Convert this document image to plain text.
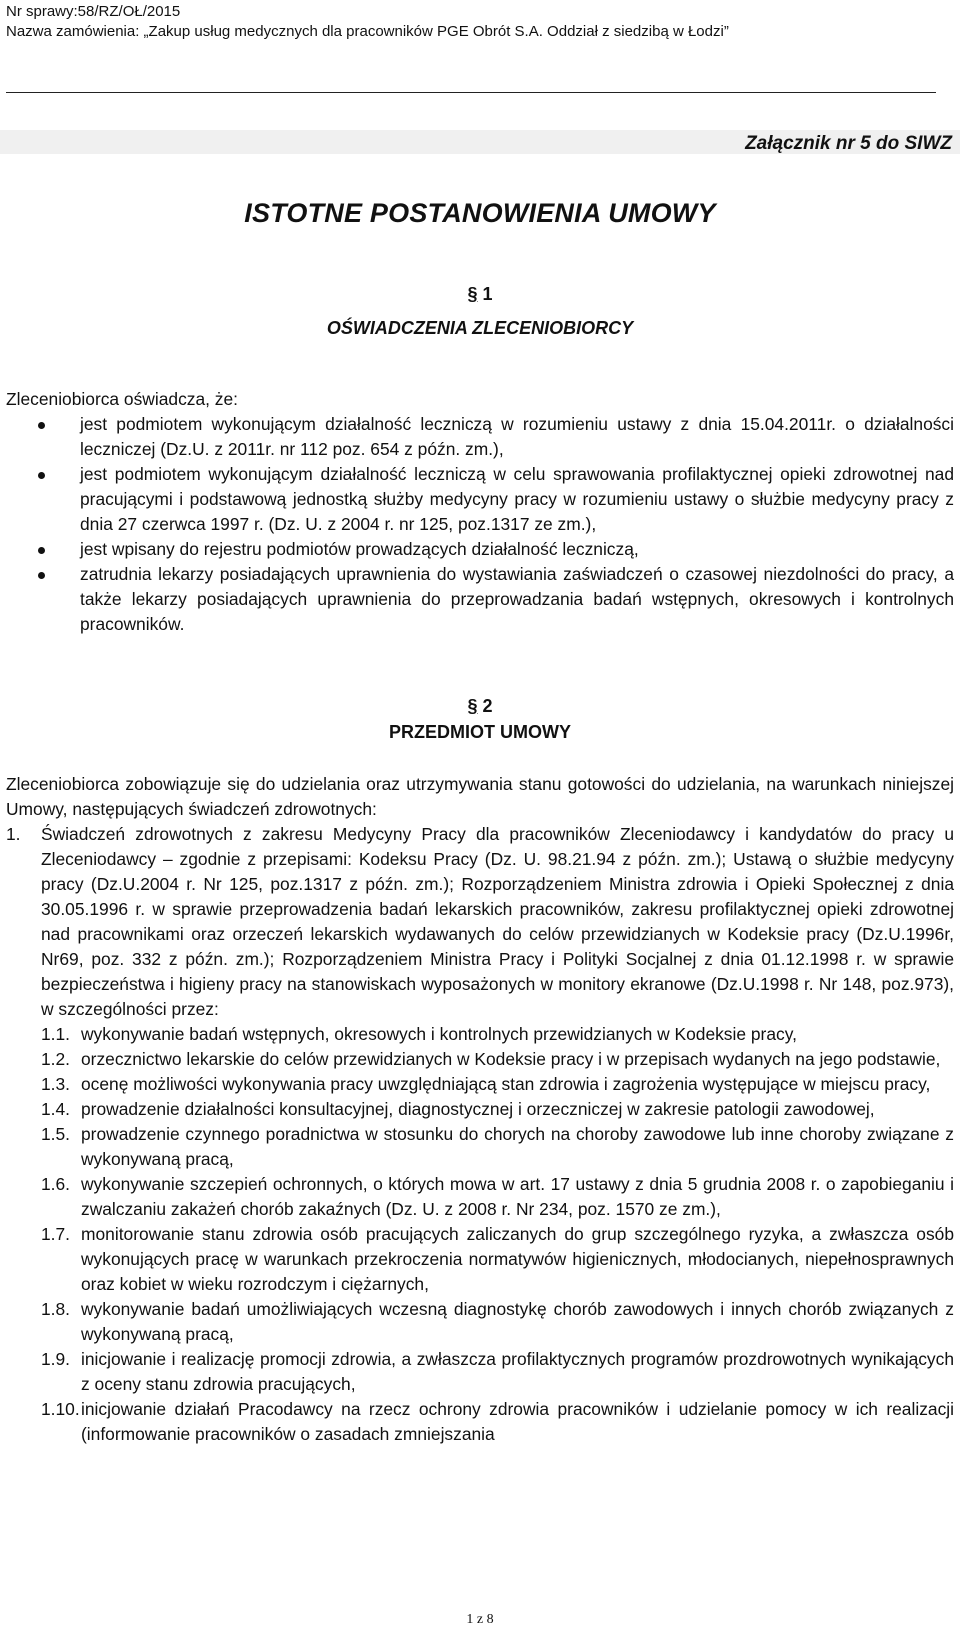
Nr sprawy:58/RZ/OŁ/2015
Nazwa zamówienia: „Zakup usług medycznych dla pracowników PGE Obrót S.A. Oddział z siedzibą w Łodzi”
Załącznik nr 5 do SIWZ
ISTOTNE POSTANOWIENIA UMOWY
§ 1
OŚWIADCZENIA ZLECENIOBIORCY
Zleceniobiorca oświadcza, że:
jest podmiotem wykonującym działalność leczniczą w rozumieniu ustawy z dnia 15.04.2011r. o działalności leczniczej (Dz.U. z 2011r. nr 112 poz. 654 z późn. zm.),
jest podmiotem wykonującym działalność leczniczą w celu sprawowania profilaktycznej opieki zdrowotnej nad pracującymi i podstawową jednostką służby medycyny pracy w rozumieniu ustawy o służbie medycyny pracy z dnia 27 czerwca 1997 r. (Dz. U. z 2004 r. nr 125, poz.1317 ze zm.),
jest wpisany do rejestru podmiotów prowadzących działalność leczniczą,
zatrudnia lekarzy posiadających uprawnienia do wystawiania zaświadczeń o czasowej niezdolności do pracy, a także lekarzy posiadających uprawnienia do przeprowadzania badań wstępnych, okresowych i kontrolnych pracowników.
§ 2
PRZEDMIOT UMOWY
Zleceniobiorca zobowiązuje się do udzielania oraz utrzymywania stanu gotowości do udzielania, na warunkach niniejszej Umowy, następujących świadczeń zdrowotnych:
1. Świadczeń zdrowotnych z zakresu Medycyny Pracy dla pracowników Zleceniodawcy i kandydatów do pracy u Zleceniodawcy – zgodnie z przepisami: Kodeksu Pracy (Dz. U. 98.21.94 z późn. zm.); Ustawą o służbie medycyny pracy (Dz.U.2004 r. Nr 125, poz.1317 z późn. zm.); Rozporządzeniem Ministra zdrowia i Opieki Społecznej z dnia 30.05.1996 r. w sprawie przeprowadzenia badań lekarskich pracowników, zakresu profilaktycznej opieki zdrowotnej nad pracownikami oraz orzeczeń lekarskich wydawanych do celów przewidzianych w Kodeksie pracy (Dz.U.1996r, Nr69, poz. 332 z późn. zm.); Rozporządzeniem Ministra Pracy i Polityki Socjalnej z dnia 01.12.1998 r. w sprawie bezpieczeństwa i higieny pracy na stanowiskach wyposażonych w monitory ekranowe (Dz.U.1998 r. Nr 148, poz.973), w szczególności przez:
1.1. wykonywanie badań wstępnych, okresowych i kontrolnych przewidzianych w Kodeksie pracy,
1.2. orzecznictwo lekarskie do celów przewidzianych w Kodeksie pracy i w przepisach wydanych na jego podstawie,
1.3. ocenę możliwości wykonywania pracy uwzględniającą stan zdrowia i zagrożenia występujące w miejscu pracy,
1.4. prowadzenie działalności konsultacyjnej, diagnostycznej i orzeczniczej w zakresie patologii zawodowej,
1.5. prowadzenie czynnego poradnictwa w stosunku do chorych na choroby zawodowe lub inne choroby związane z wykonywaną pracą,
1.6. wykonywanie szczepień ochronnych, o których mowa w art. 17 ustawy z dnia 5 grudnia 2008 r. o zapobieganiu i zwalczaniu zakażeń chorób zakaźnych (Dz. U. z 2008 r. Nr 234, poz. 1570 ze zm.),
1.7. monitorowanie stanu zdrowia osób pracujących zaliczanych do grup szczególnego ryzyka, a zwłaszcza osób wykonujących pracę w warunkach przekroczenia normatywów higienicznych, młodocianych, niepełnosprawnych oraz kobiet w wieku rozrodczym i ciężarnych,
1.8. wykonywanie badań umożliwiających wczesną diagnostykę chorób zawodowych i innych chorób związanych z wykonywaną pracą,
1.9. inicjowanie i realizację promocji zdrowia, a zwłaszcza profilaktycznych programów prozdrowotnych wynikających z oceny stanu zdrowia pracujących,
1.10. inicjowanie działań Pracodawcy na rzecz ochrony zdrowia pracowników i udzielanie pomocy w ich realizacji (informowanie pracowników o zasadach zmniejszania
1 z 8
